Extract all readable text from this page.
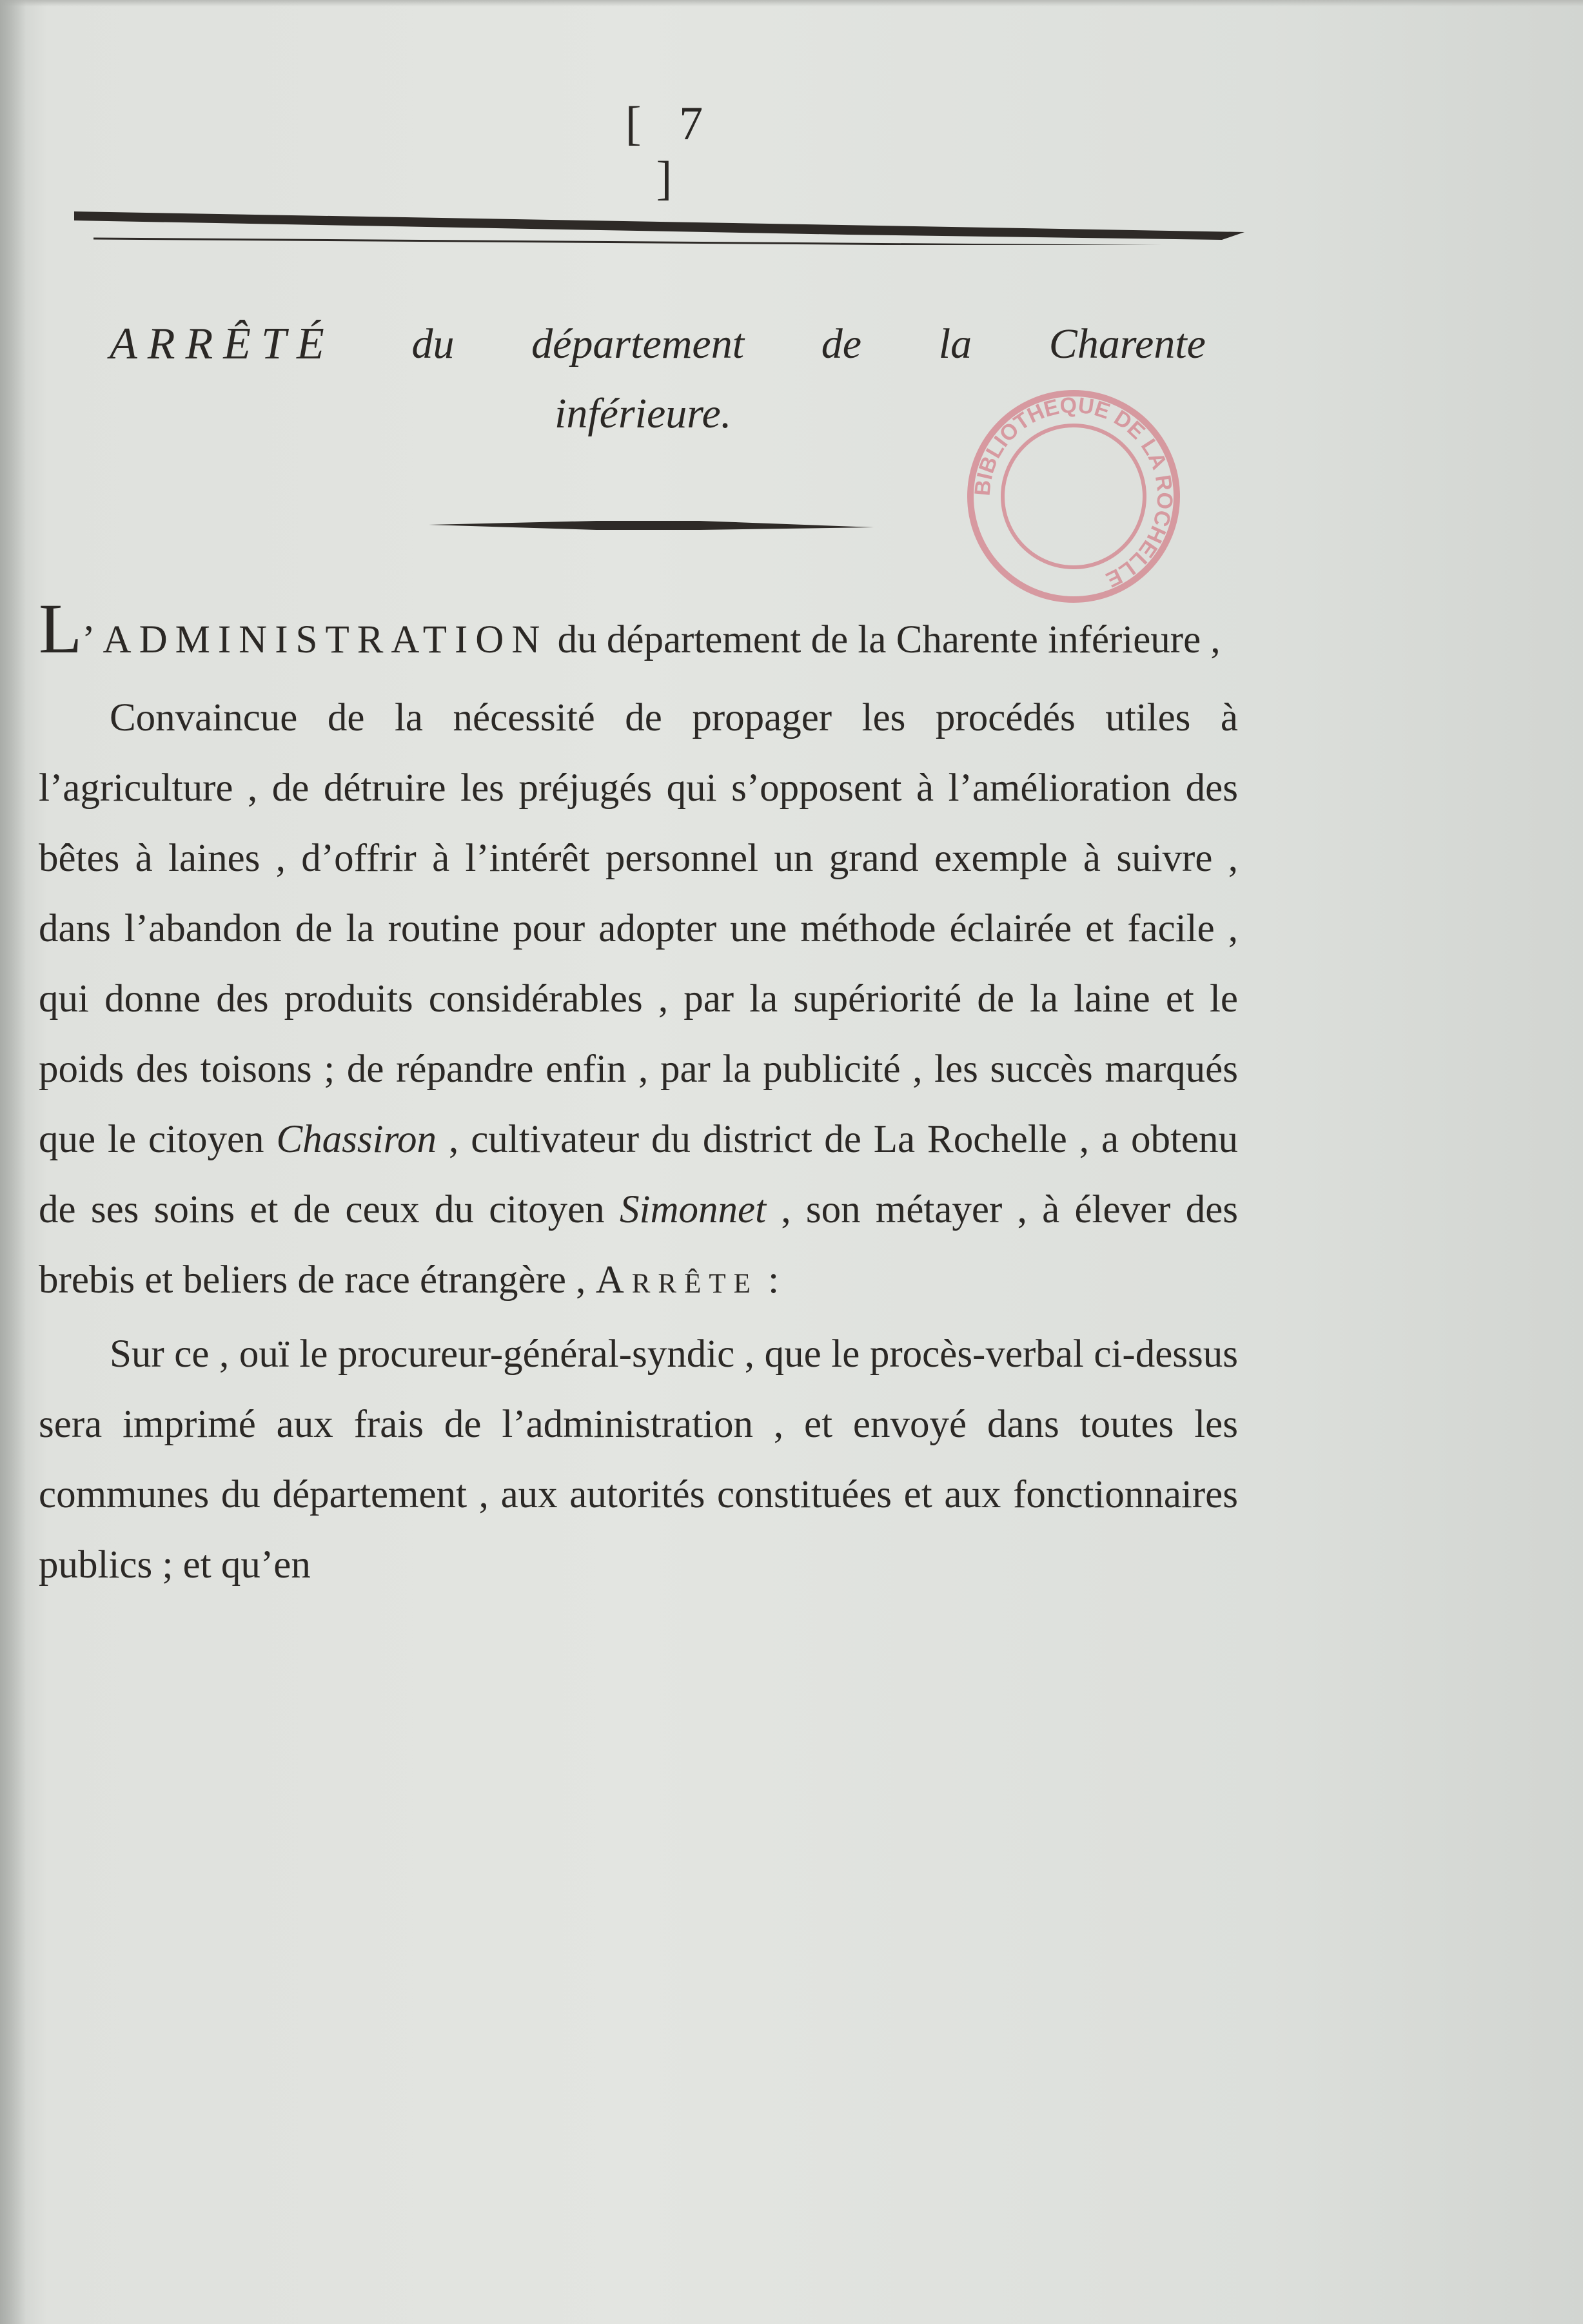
[ 7 ]
ARRÊTÉ du département de la Charente
inférieure.
BIBLIOTHÈQUE DE LA ROCHELLE

L’ADMINISTRATION du département de la Charente inférieure ,

Convaincue de la nécessité de propager les procédés utiles à l’agriculture , de détruire les préjugés qui s’opposent à l’amélioration des bêtes à laines , d’offrir à l’intérêt personnel un grand exemple à suivre , dans l’abandon de la routine pour adopter une méthode éclairée et facile , qui donne des produits considérables , par la supériorité de la laine et le poids des toisons ; de répandre enfin , par la publicité , les succès marqués que le citoyen Chassiron , cultivateur du district de La Rochelle , a obtenu de ses soins et de ceux du citoyen Simonnet , son métayer , à élever des brebis et beliers de race étrangère , Arrête :

Sur ce , ouï le procureur-général-syndic , que le procès-verbal ci-dessus sera imprimé aux frais de l’administration , et envoyé dans toutes les communes du département , aux autorités constituées et aux fonctionnaires publics ; et qu’en
